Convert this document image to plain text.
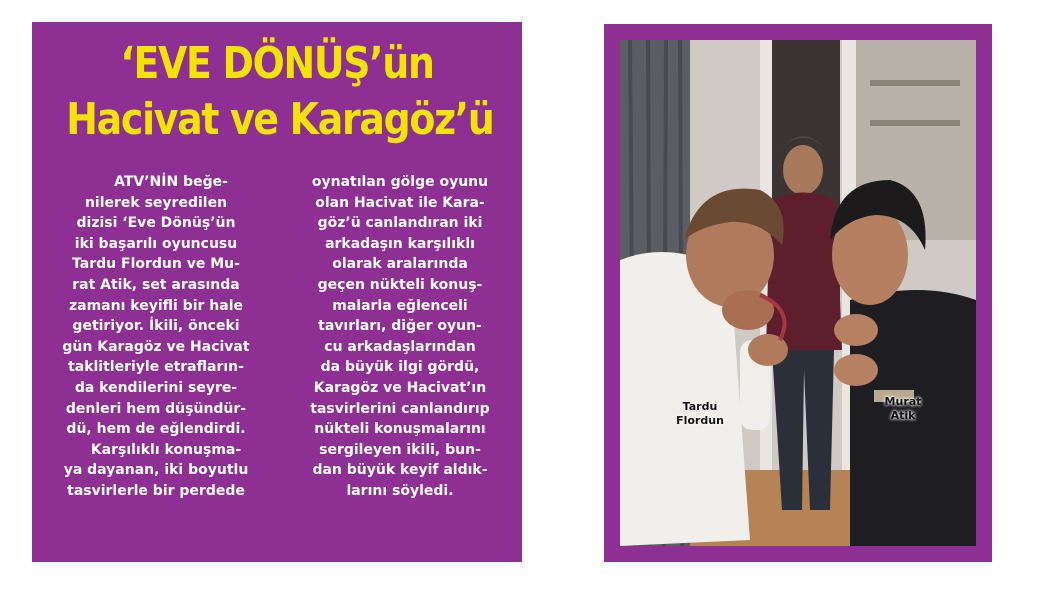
‘EVE DÖNÜŞ’ün
Hacivat ve Karagöz’ü
ATV’NİN beğe-
nilerek seyredilen
dizisi ‘Eve Dönüş’ün
iki başarılı oyuncusu
Tardu Flordun ve Mu-
rat Atik, set arasında
zamanı keyifli bir hale
getiriyor. İkili, önceki
gün Karagöz ve Hacivat
taklitleriyle etrafların-
da kendilerini seyre-
denleri hem düşündür-
dü, hem de eğlendirdi.
Karşılıklı konuşma-
ya dayanan, iki boyutlu
tasvirlerle bir perdede
oynatılan gölge oyunu
olan Hacivat ile Kara-
göz’ü canlandıran iki
arkadaşın karşılıklı
olarak aralarında
geçen nükteli konuş-
malarla eğlenceli
tavırları, diğer oyun-
cu arkadaşlarından
da büyük ilgi gördü,
Karagöz ve Hacivat’ın
tasvirlerini canlandırıp
nükteli konuşmalarını
sergileyen ikili, bun-
dan büyük keyif aldık-
larını söyledi.
Tardu
Flordun
Murat
Atik
